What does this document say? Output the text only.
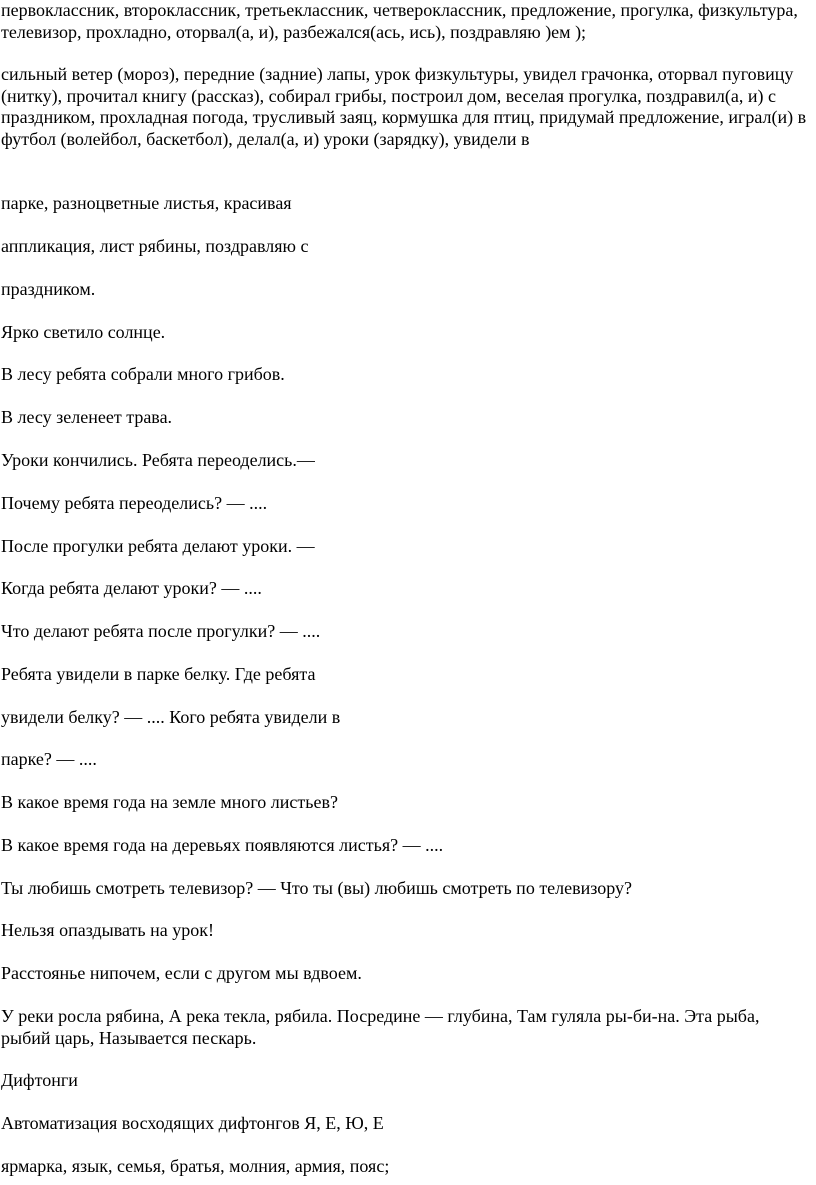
первоклассник, второклассник, третьеклассник, четвероклассник, предложение, прогулка, физкультура, телевизор, прохладно, оторвал(а, и), разбежался(ась, ись), поздравляю )ем );

сильный ветер (мороз), передние (задние) лапы, урок физкультуры, увидел грачонка, оторвал пуговицу (нитку), прочитал книгу (рассказ), собирал грибы, построил дом, веселая прогулка, поздравил(а, и) с праздником, прохладная погода, трусливый заяц, кормушка для птиц, придумай предложение, играл(и) в футбол (волейбол, баскетбол), делал(а, и) уроки (зарядку), увидели в

парке, разноцветные листья, красивая

аппликация, лист рябины, поздравляю с

праздником.

Ярко светило солнце.

В лесу ребята собрали много грибов.

В лесу зеленеет трава.

Уроки кончились. Ребята переоделись.—

Почему ребята переоделись? — ....

После прогулки ребята делают уроки. —

Когда ребята делают уроки? — ....

Что делают ребята после прогулки? — ....

Ребята увидели в парке белку. Где ребята

увидели белку? — .... Кого ребята увидели в

парке? — ....

В какое время года на земле много листьев?

В какое время года на деревьях появляются листья? — ....

Ты любишь смотреть телевизор? — Что ты (вы) любишь смотреть по телевизору?

Нельзя опаздывать на урок!

Расстоянье нипочем, если с другом мы вдвоем.

У реки росла рябина, А река текла, рябила. Посредине — глубина, Там гуляла ры-би-на. Эта рыба, рыбий царь, Называется пескарь.

Дифтонги

Автоматизация восходящих дифтонгов Я, Е, Ю, Е

ярмарка, язык, семья, братья, молния, армия, пояс;
